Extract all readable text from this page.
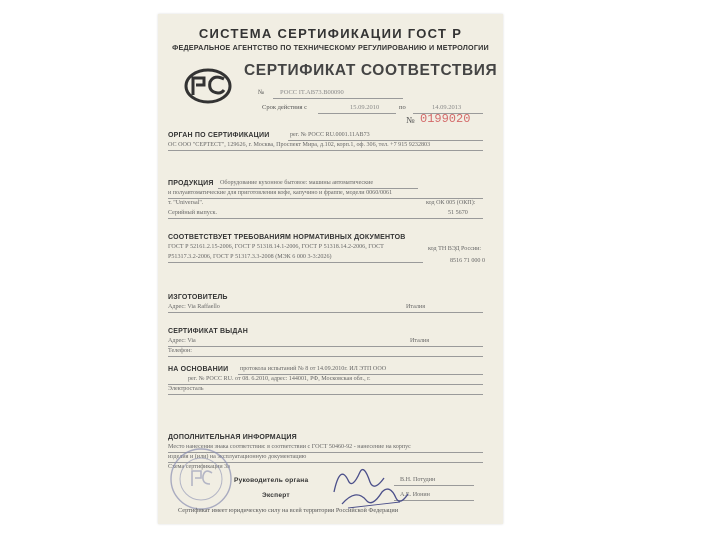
СИСТЕМА СЕРТИФИКАЦИИ ГОСТ Р
ФЕДЕРАЛЬНОЕ АГЕНТСТВО ПО ТЕХНИЧЕСКОМУ РЕГУЛИРОВАНИЮ И МЕТРОЛОГИИ
СЕРТИФИКАТ СООТВЕТСТВИЯ
№ РОСС IT.АВ73.В00090
Срок действия с	15.09.2010	по	14.09.2013
№ 0199020
ОРГАН ПО СЕРТИФИКАЦИИ	рег. № РОСС RU.0001.11АВ73
ОС ООО "СЕРТЕСТ", 129626, г. Москва, Проспект Мира, д.102, корп.1, оф. 306, тел. +7 915 9232803
ПРОДУКЦИЯ Оборудование кухонное бытовое: машины автоматические
и полуавтоматические для приготовления кофе, капучино и фраппе, модели 0060/0061
т. "Universal".
Серийный выпуск.
код ОК 005 (ОКП):
51 5670
СООТВЕТСТВУЕТ ТРЕБОВАНИЯМ НОРМАТИВНЫХ ДОКУМЕНТОВ
ГОСТ Р 52161.2.15-2006, ГОСТ Р 51318.14.1-2006, ГОСТ Р 51318.14.2-2006, ГОСТ
Р51317.3.2-2006, ГОСТ Р 51317.3.3-2008 (МЭК 6 000 3-3:2026)
код ТН ВЭД России:
8516 71 000 0
ИЗГОТОВИТЕЛЬ
Адрес: Via Raffaello	Италия
СЕРТИФИКАТ ВЫДАН
Адрес: Via	Италия
Телефон:
НА ОСНОВАНИИ протокола испытаний № 8 от 14.09.2010г. ИЛ ЭТП ООО
рег. № РОСС RU. от 08. 6.2010, адрес: 144001, РФ, Московская обл., г.
Электросталь
ДОПОЛНИТЕЛЬНАЯ ИНФОРМАЦИЯ
Место нанесения знака соответствия: в соответствии с ГОСТ 50460-92 - нанесение на корпус
изделия и (или) на эксплуатационную документацию
Схема сертификации 3а
Руководитель органа	В.Н. Потудин
Эксперт	А.Е. Ионин
Сертификат имеет юридическую силу на всей территории Российской Федерации
